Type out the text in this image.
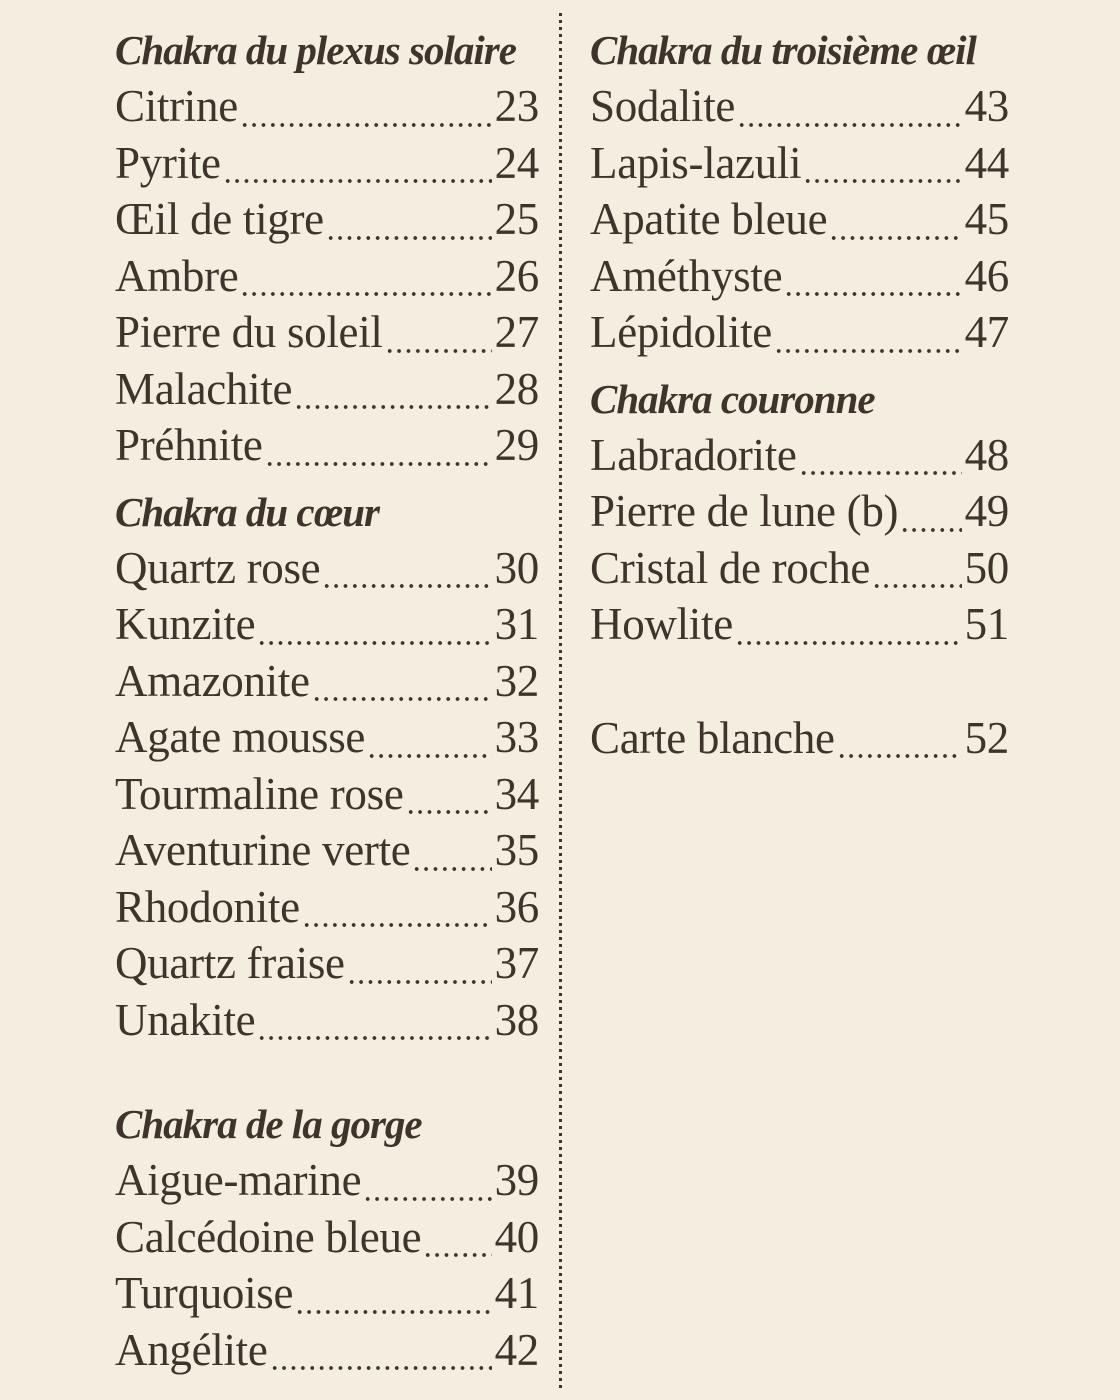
Chakra du plexus solaire
Citrine	23
Pyrite	24
Œil de tigre	25
Ambre	26
Pierre du soleil 27
Malachite	28
Préhnite	29
Chakra du cœur
Quartz rose	30
Kunzite	31
Amazonite	32
Agate mousse	33
Tourmaline rose 34
Aventurine verte 35
Rhodonite	36
Quartz fraise	37
Unakite	38
Chakra de la gorge
Aigue-marine	39
Calcédoine bleue 40
Turquoise	41
Angélite	42
Chakra du troisième œil
Sodalite	43
Lapis-lazuli	44
Apatite bleue	45
Améthyste	46
Lépidolite	47
Chakra couronne
Labradorite	48
Pierre de lune (b) 49
Cristal de roche 50
Howlite	51
Carte blanche	52
